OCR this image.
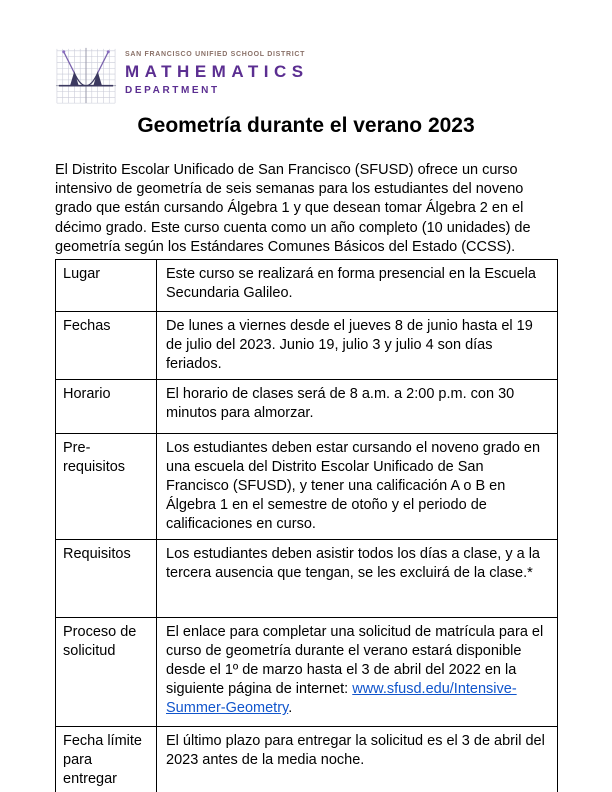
SAN FRANCISCO UNIFIED SCHOOL DISTRICT
MATHEMATICS
DEPARTMENT
Geometría durante el verano 2023

El Distrito Escolar Unificado de San Francisco (SFUSD) ofrece un curso intensivo de geometría de seis semanas para los estudiantes del noveno grado que están cursando Álgebra 1 y que desean tomar Álgebra 2 en el décimo grado. Este curso cuenta como un año completo (10 unidades) de geometría según los Estándares Comunes Básicos del Estado (CCSS).

Lugar	Este curso se realizará en forma presencial en la Escuela Secundaria Galileo.
Fechas	De lunes a viernes desde el jueves 8 de junio hasta el 19 de julio del 2023. Junio 19, julio 3 y julio 4 son días feriados.
Horario	El horario de clases será de 8 a.m. a 2:00 p.m. con 30 minutos para almorzar.
Pre-requisitos	Los estudiantes deben estar cursando el noveno grado en una escuela del Distrito Escolar Unificado de San Francisco (SFUSD), y tener una calificación A o B en Álgebra 1 en el semestre de otoño y el periodo de calificaciones en curso.
Requisitos	Los estudiantes deben asistir todos los días a clase, y a la tercera ausencia que tengan, se les excluirá de la clase.*
Proceso de solicitud	El enlace para completar una solicitud de matrícula para el curso de geometría durante el verano estará disponible desde el 1º de marzo hasta el 3 de abril del 2022 en la siguiente página de internet: www.sfusd.edu/Intensive-Summer-Geometry.
Fecha límite para entregar	El último plazo para entregar la solicitud es el 3 de abril del 2023 antes de la media noche.
